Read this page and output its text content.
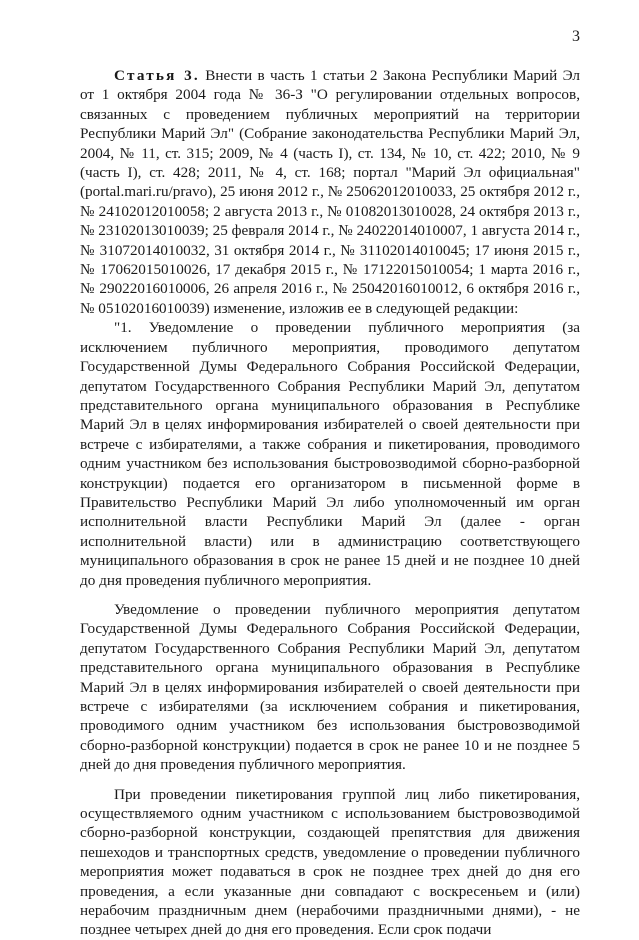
3

Статья 3. Внести в часть 1 статьи 2 Закона Республики Марий Эл от 1 октября 2004 года № 36-З "О регулировании отдельных вопросов, связанных с проведением публичных мероприятий на территории Республики Марий Эл" (Собрание законодательства Республики Марий Эл, 2004, № 11, ст. 315; 2009, № 4 (часть I), ст. 134, № 10, ст. 422; 2010, № 9 (часть I), ст. 428; 2011, № 4, ст. 168; портал "Марий Эл официальная" (portal.mari.ru/pravo), 25 июня 2012 г., № 25062012010033, 25 октября 2012 г., № 24102012010058; 2 августа 2013 г., № 01082013010028, 24 октября 2013 г., № 23102013010039; 25 февраля 2014 г., № 24022014010007, 1 августа 2014 г., № 31072014010032, 31 октября 2014 г., № 31102014010045; 17 июня 2015 г., № 17062015010026, 17 декабря 2015 г., № 17122015010054; 1 марта 2016 г., № 29022016010006, 26 апреля 2016 г., № 25042016010012, 6 октября 2016 г., № 05102016010039) изменение, изложив ее в следующей редакции:

"1. Уведомление о проведении публичного мероприятия (за исключением публичного мероприятия, проводимого депутатом Государственной Думы Федерального Собрания Российской Федерации, депутатом Государственного Собрания Республики Марий Эл, депутатом представительного органа муниципального образования в Республике Марий Эл в целях информирования избирателей о своей деятельности при встрече с избирателями, а также собрания и пикетирования, проводимого одним участником без использования быстровозводимой сборно-разборной конструкции) подается его организатором в письменной форме в Правительство Республики Марий Эл либо уполномоченный им орган исполнительной власти Республики Марий Эл (далее - орган исполнительной власти) или в администрацию соответствующего муниципального образования в срок не ранее 15 дней и не позднее 10 дней до дня проведения публичного мероприятия.

Уведомление о проведении публичного мероприятия депутатом Государственной Думы Федерального Собрания Российской Федерации, депутатом Государственного Собрания Республики Марий Эл, депутатом представительного органа муниципального образования в Республике Марий Эл в целях информирования избирателей о своей деятельности при встрече с избирателями (за исключением собрания и пикетирования, проводимого одним участником без использования быстровозводимой сборно-разборной конструкции) подается в срок не ранее 10 и не позднее 5 дней до дня проведения публичного мероприятия.

При проведении пикетирования группой лиц либо пикетирования, осуществляемого одним участником с использованием быстровозводимой сборно-разборной конструкции, создающей препятствия для движения пешеходов и транспортных средств, уведомление о проведении публичного мероприятия может подаваться в срок не позднее трех дней до дня его проведения, а если указанные дни совпадают с воскресеньем и (или) нерабочим праздничным днем (нерабочими праздничными днями), - не позднее четырех дней до дня его проведения. Если срок подачи
